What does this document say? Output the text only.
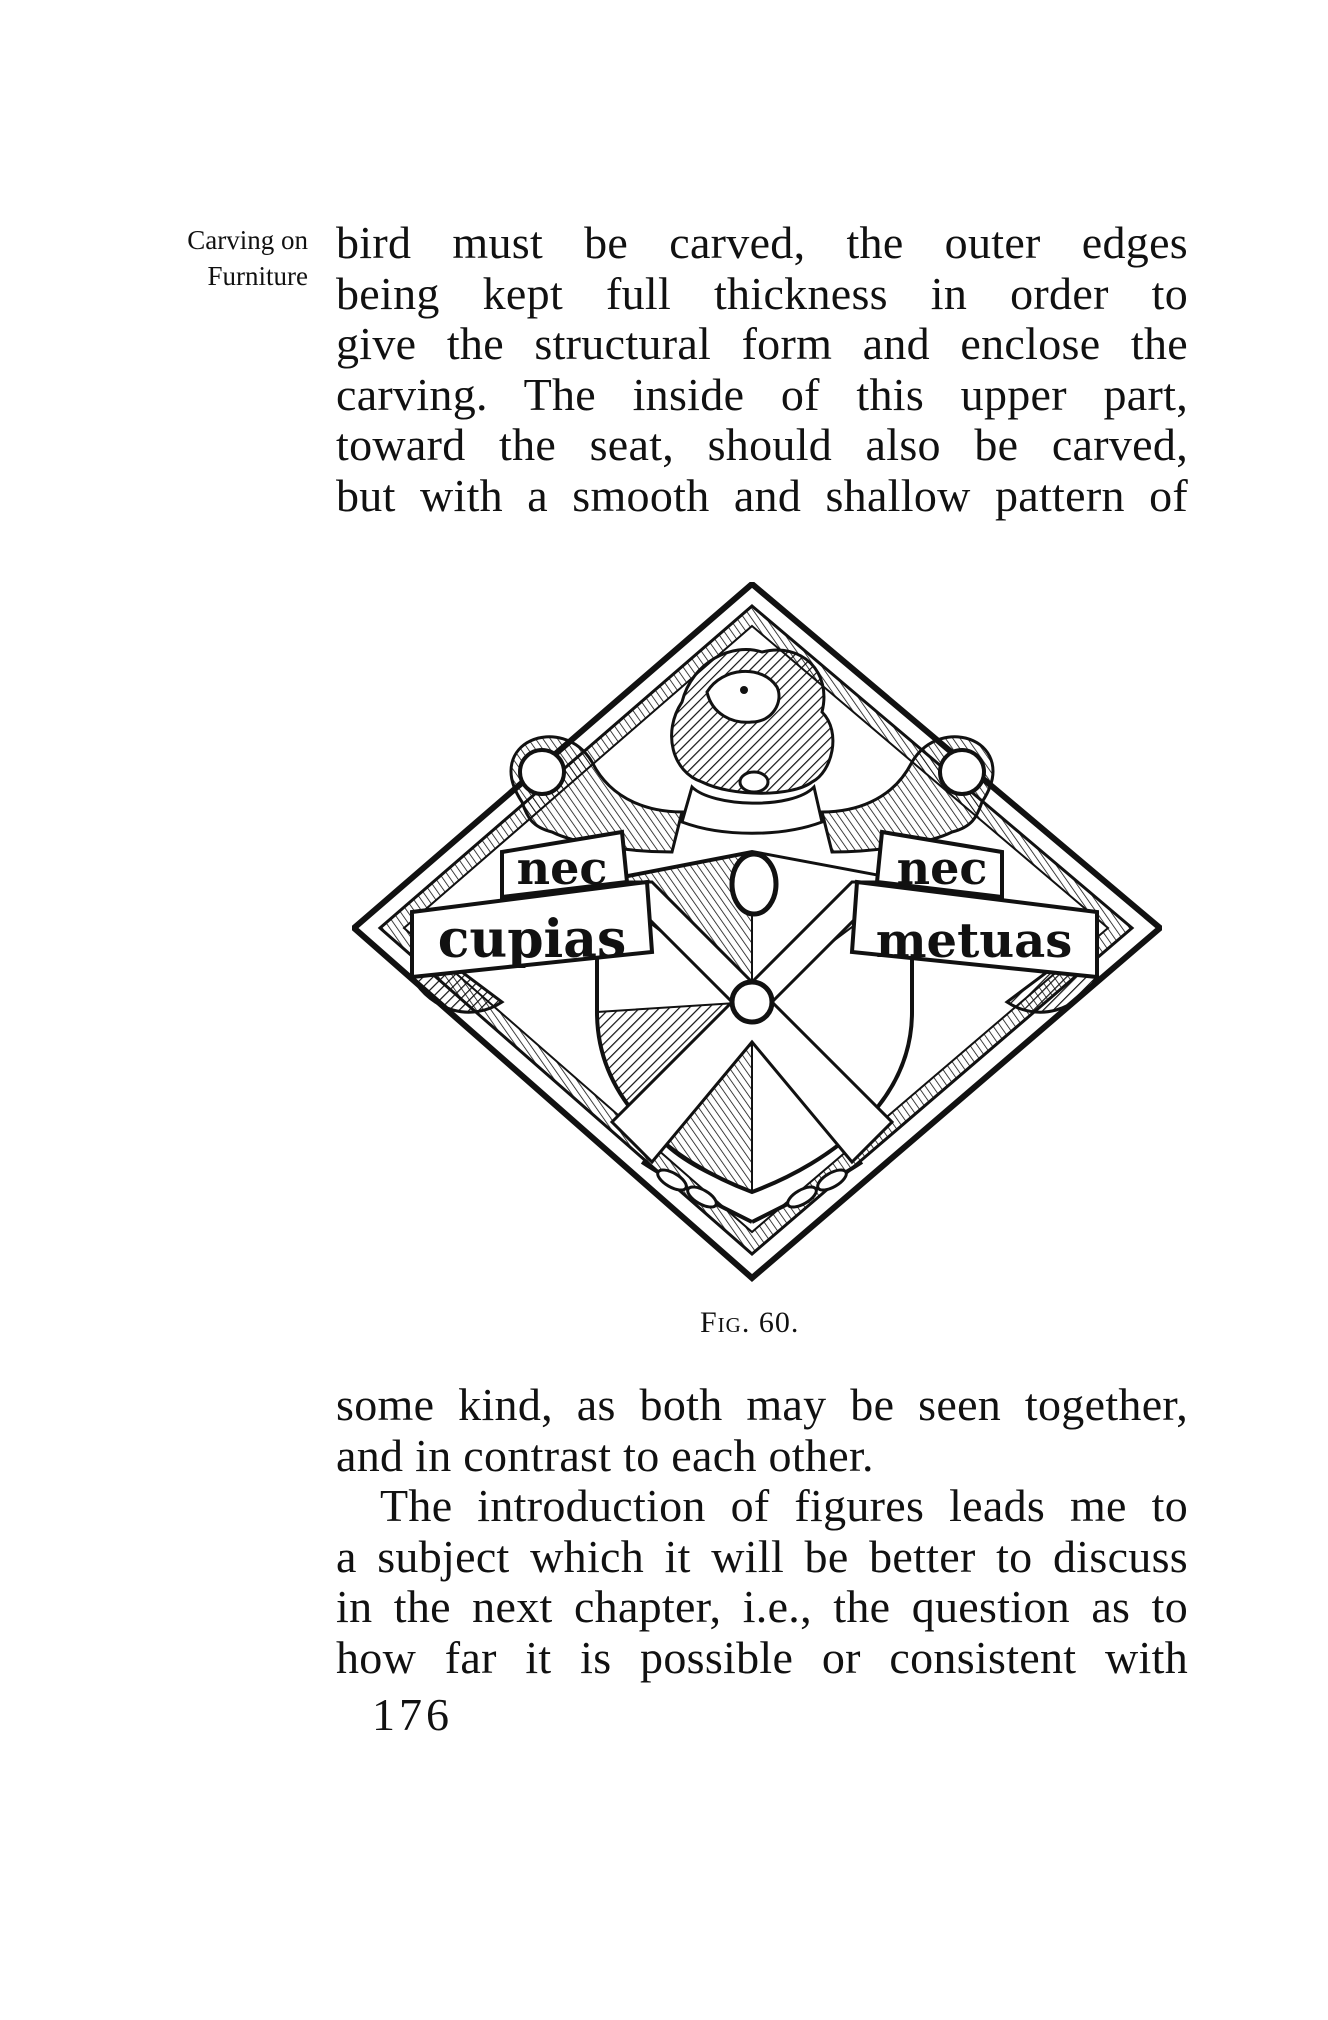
Carving on
Furniture
bird must be carved, the outer edges
being kept full thickness in order to
give the structural form and enclose the
carving. The inside of this upper part,
toward the seat, should also be carved,
but with a smooth and shallow pattern of
nec
cupias
nec
metuas
Fig. 60.
some kind, as both may be seen together,
and in contrast to each other.
The introduction of figures leads me to
a subject which it will be better to discuss
in the next chapter, i.e., the question as to
how far it is possible or consistent with
176
